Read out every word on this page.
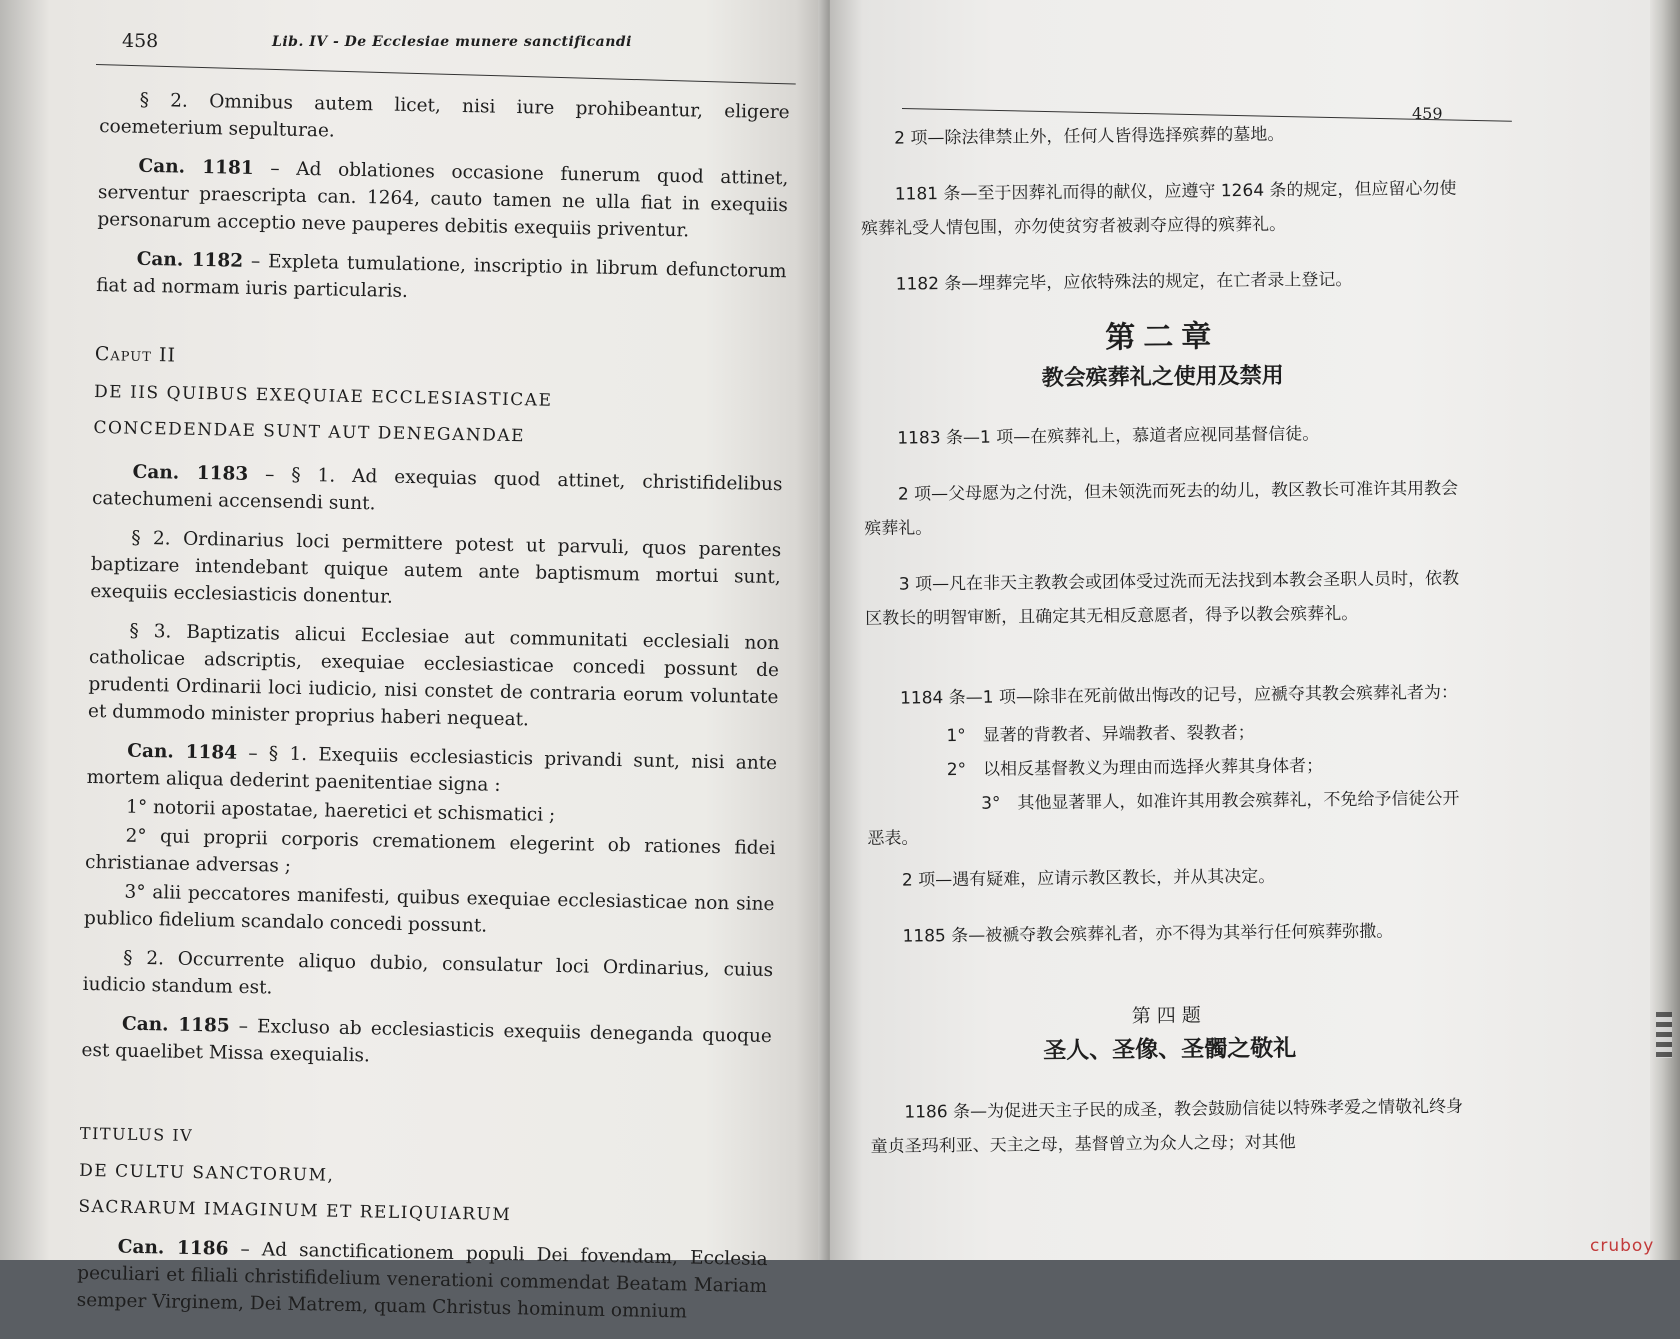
458	Lib. IV - De Ecclesiae munere sanctificandi

§ 2. Omnibus autem licet, nisi iure prohibeantur, eligere coemeterium sepulturae.

Can. 1181 – Ad oblationes occasione funerum quod attinet, serventur praescripta can. 1264, cauto tamen ne ulla fiat in exequiis personarum acceptio neve pauperes debitis exequiis priventur.

Can. 1182 – Expleta tumulatione, inscriptio in librum defunctorum fiat ad normam iuris particularis.

Caput II

DE IIS QUIBUS EXEQUIAE ECCLESIASTICAE

CONCEDENDAE SUNT AUT DENEGANDAE

Can. 1183 – § 1. Ad exequias quod attinet, christifidelibus catechumeni accensendi sunt.

§ 2. Ordinarius loci permittere potest ut parvuli, quos parentes baptizare intendebant quique autem ante baptismum mortui sunt, exequiis ecclesiasticis donentur.

§ 3. Baptizatis alicui Ecclesiae aut communitati ecclesiali non catholicae adscriptis, exequiae ecclesiasticae concedi possunt de prudenti Ordinarii loci iudicio, nisi constet de contraria eorum voluntate et dummodo minister proprius haberi nequeat.

Can. 1184 – § 1. Exequiis ecclesiasticis privandi sunt, nisi ante mortem aliqua dederint paenitentiae signa :

1° notorii apostatae, haeretici et schismatici ;

2° qui proprii corporis cremationem elegerint ob rationes fidei christianae adversas ;

3° alii peccatores manifesti, quibus exequiae ecclesiasticae non sine publico fidelium scandalo concedi possunt.

§ 2. Occurrente aliquo dubio, consulatur loci Ordinarius, cuius iudicio standum est.

Can. 1185 – Excluso ab ecclesiasticis exequiis deneganda quoque est quaelibet Missa exequialis.

TITULUS IV

DE CULTU SANCTORUM,

SACRARUM IMAGINUM ET RELIQUIARUM

Can. 1186 – Ad sanctificationem populi Dei fovendam, Ecclesia peculiari et filiali christifidelium venerationi commendat Beatam Mariam semper Virginem, Dei Matrem, quam Christus hominum omnium

459

2 项—除法律禁止外，任何人皆得选择殡葬的墓地。

1181 条—至于因葬礼而得的献仪，应遵守 1264 条的规定，但应留心勿使殡葬礼受人情包围，亦勿使贫穷者被剥夺应得的殡葬礼。

1182 条—埋葬完毕，应依特殊法的规定，在亡者录上登记。

第二章

教会殡葬礼之使用及禁用

1183 条—1 项—在殡葬礼上，慕道者应视同基督信徒。

2 项—父母愿为之付洗，但未领洗而死去的幼儿，教区教长可准许其用教会殡葬礼。

3 项—凡在非天主教教会或团体受过洗而无法找到本教会圣职人员时，依教区教长的明智审断，且确定其无相反意愿者，得予以教会殡葬礼。

1184 条—1 项—除非在死前做出悔改的记号，应褫夺其教会殡葬礼者为：

1°　显著的背教者、异端教者、裂教者；

2°　以相反基督教义为理由而选择火葬其身体者；

3°　其他显著罪人，如准许其用教会殡葬礼，不免给予信徒公开恶表。

2 项—遇有疑难，应请示教区教长，并从其决定。

1185 条—被褫夺教会殡葬礼者，亦不得为其举行任何殡葬弥撒。

第四题

圣人、圣像、圣髑之敬礼

1186 条—为促进天主子民的成圣，教会鼓励信徒以特殊孝爱之情敬礼终身童贞圣玛利亚、天主之母，基督曾立为众人之母；对其他

cruboy
